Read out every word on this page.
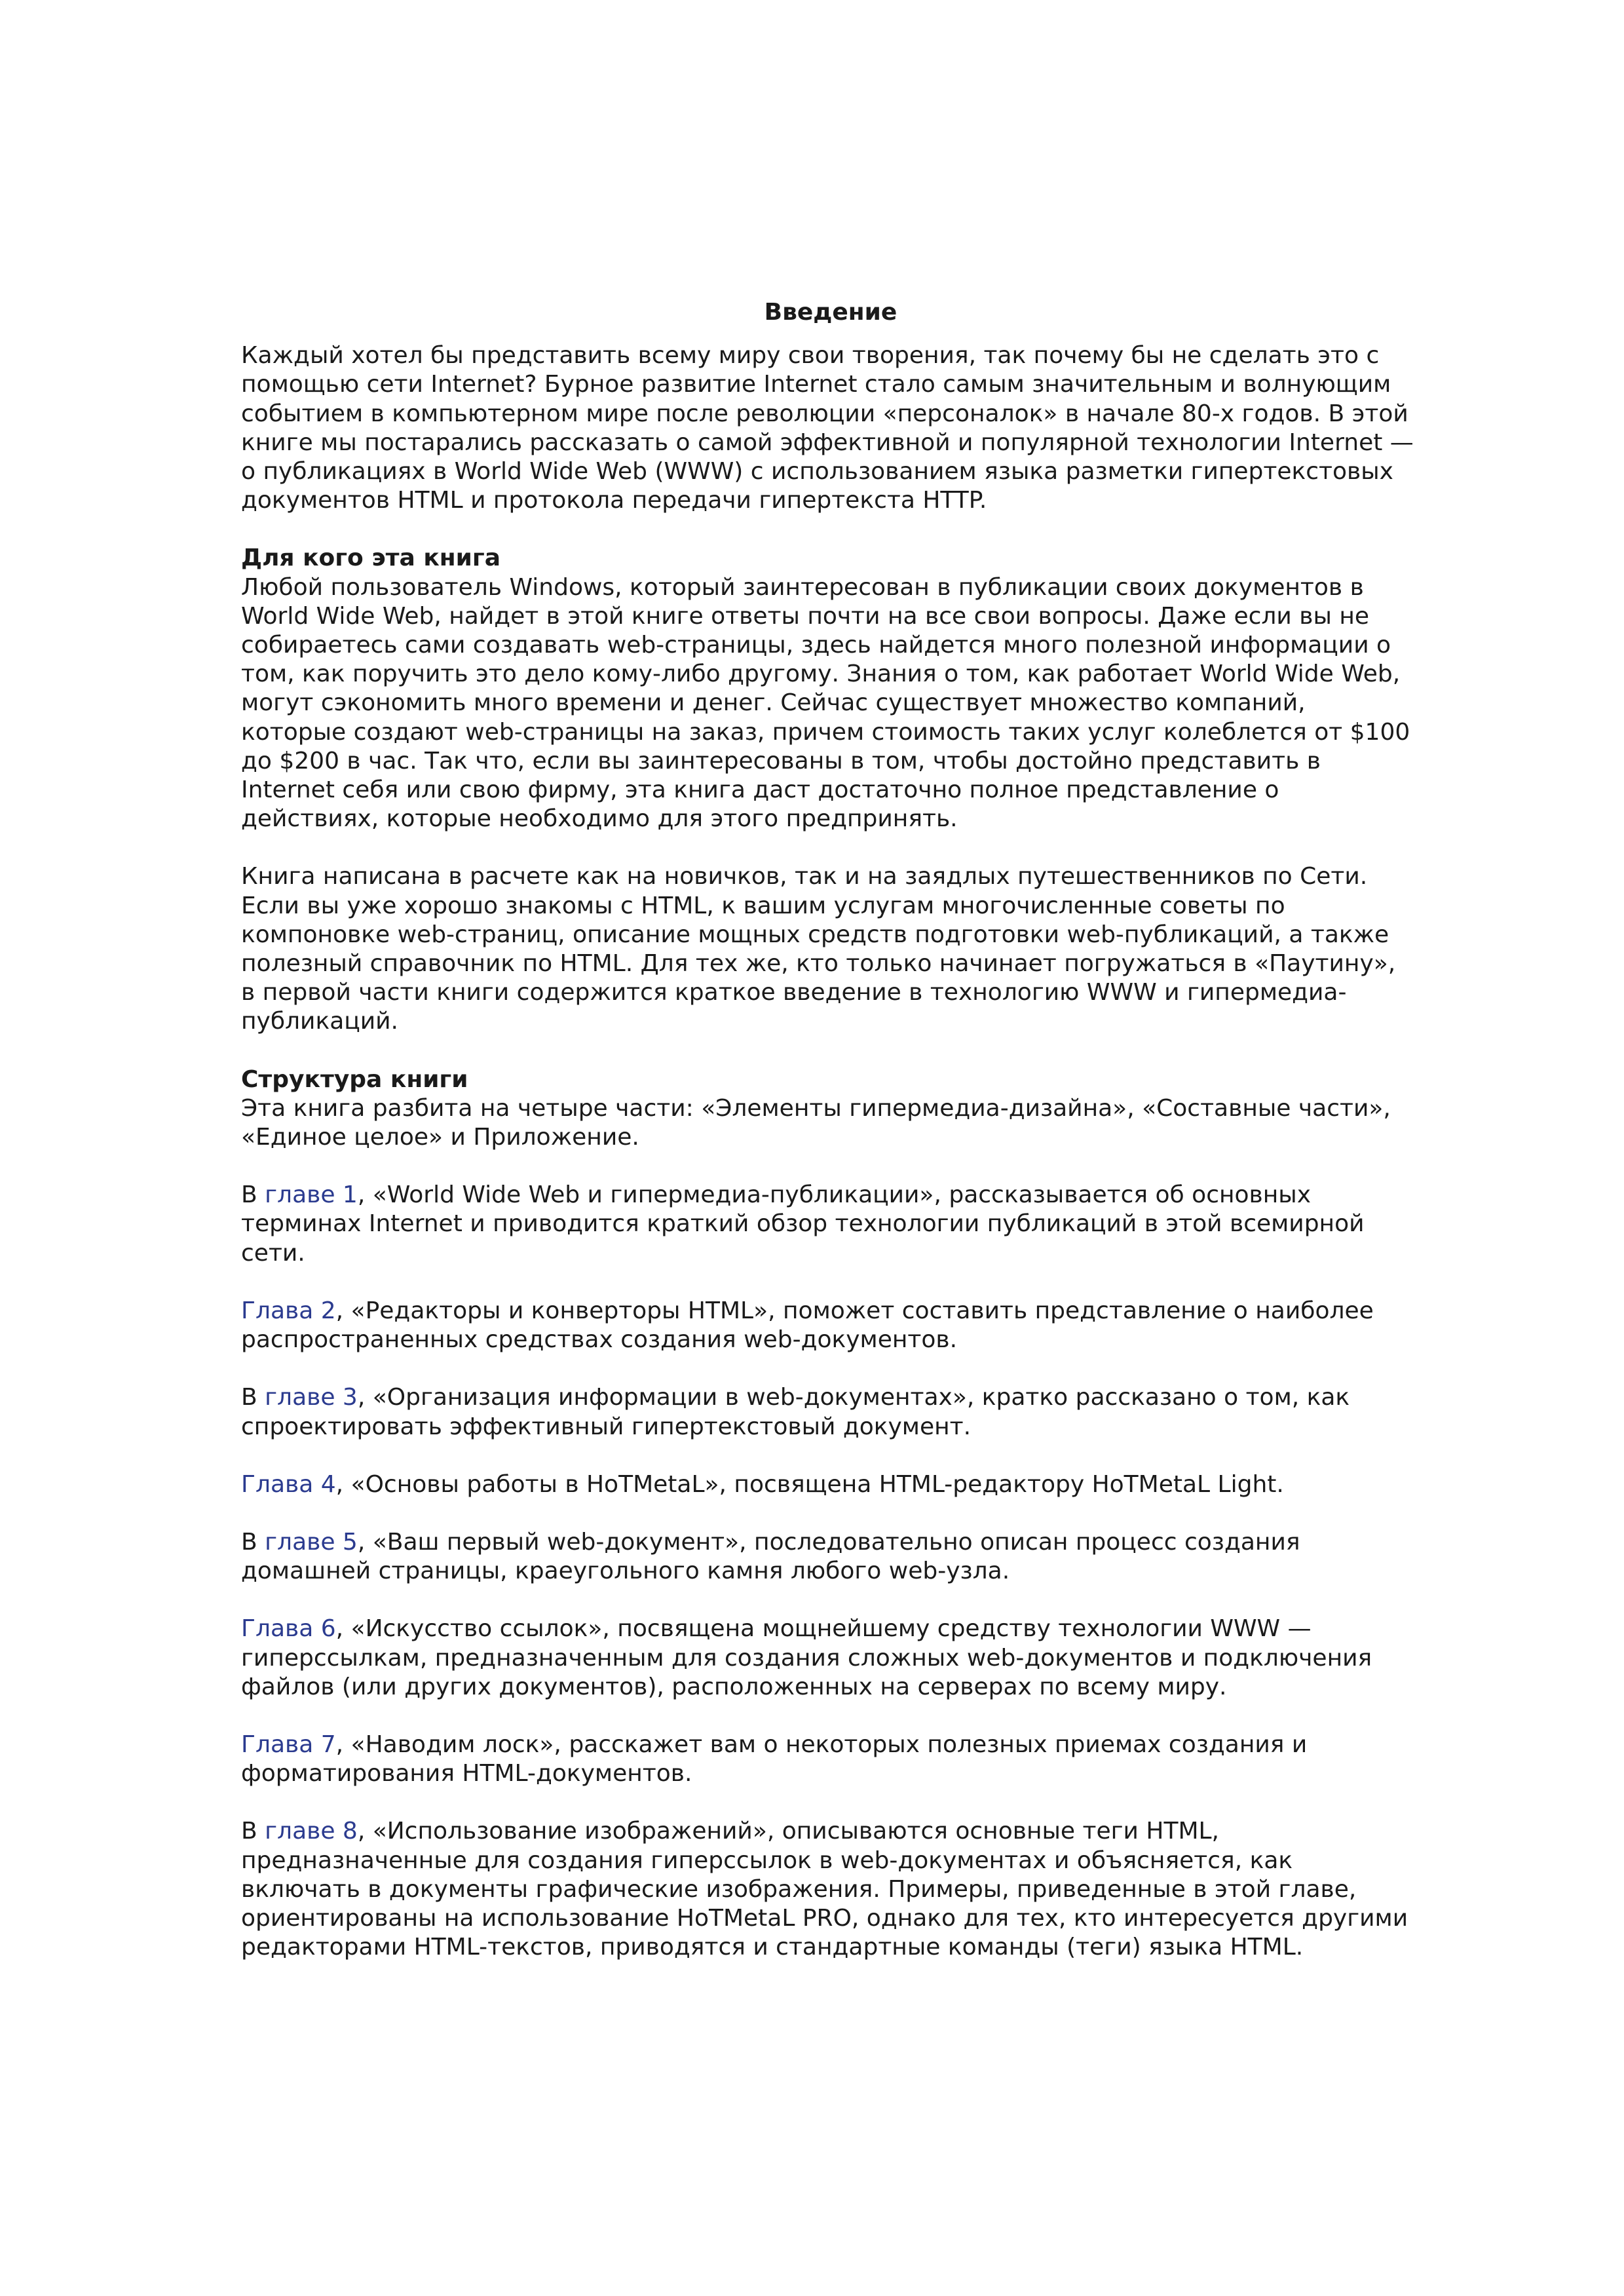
Введение
Каждый хотел бы представить всему миру свои творения, так почему бы не сделать это с помощью сети Internet? Бурное развитие Internet стало самым значительным и волнующим событием в компьютерном мире после революции «персоналок» в начале 80-х годов. В этой книге мы постарались рассказать о самой эффективной и популярной технологии Internet — о публикациях в World Wide Web (WWW) с использованием языка разметки гипертекстовых документов HTML и протокола передачи гипертекста HTTP.
Для кого эта книга
Любой пользователь Windows, который заинтересован в публикации своих документов в World Wide Web, найдет в этой книге ответы почти на все свои вопросы. Даже если вы не собираетесь сами создавать web-страницы, здесь найдется много полезной информации о том, как поручить это дело кому-либо другому. Знания о том, как работает World Wide Web, могут сэкономить много времени и денег. Сейчас существует множество компаний, которые создают web-страницы на заказ, причем стоимость таких услуг колеблется от $100 до $200 в час. Так что, если вы заинтересованы в том, чтобы достойно представить в Internet себя или свою фирму, эта книга даст достаточно полное представление о действиях, которые необходимо для этого предпринять.
Книга написана в расчете как на новичков, так и на заядлых путешественников по Сети. Если вы уже хорошо знакомы с HTML, к вашим услугам многочисленные советы по компоновке web-страниц, описание мощных средств подготовки web-публикаций, а также полезный справочник по HTML. Для тех же, кто только начинает погружаться в «Паутину», в первой части книги содержится краткое введение в технологию WWW и гипермедиа-публикаций.
Структура книги
Эта книга разбита на четыре части: «Элементы гипермедиа-дизайна», «Составные части», «Единое целое» и Приложение.
В главе 1, «World Wide Web и гипермедиа-публикации», рассказывается об основных терминах Internet и приводится краткий обзор технологии публикаций в этой всемирной сети.
Глава 2, «Редакторы и конверторы HTML», поможет составить представление о наиболее распространенных средствах создания web-документов.
В главе 3, «Организация информации в web-документах», кратко рассказано о том, как спроектировать эффективный гипертекстовый документ.
Глава 4, «Основы работы в HoTMetaL», посвящена HTML-редактору HoTMetaL Light.
В главе 5, «Ваш первый web-документ», последовательно описан процесс создания домашней страницы, краеугольного камня любого web-узла.
Глава 6, «Искусство ссылок», посвящена мощнейшему средству технологии WWW — гиперссылкам, предназначенным для создания сложных web-документов и подключения файлов (или других документов), расположенных на серверах по всему миру.
Глава 7, «Наводим лоск», расскажет вам о некоторых полезных приемах создания и форматирования HTML-документов.
В главе 8, «Использование изображений», описываются основные теги HTML, предназначенные для создания гиперссылок в web-документах и объясняется, как включать в документы графические изображения. Примеры, приведенные в этой главе, ориентированы на использование HoTMetaL PRO, однако для тех, кто интересуется другими редакторами HTML-текстов, приводятся и стандартные команды (теги) языка HTML.
